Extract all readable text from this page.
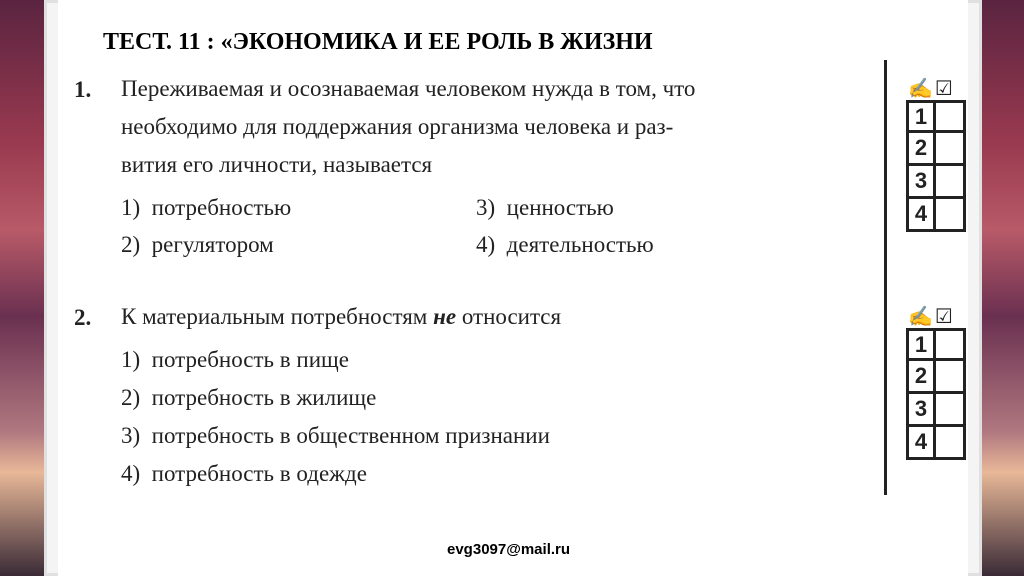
ТЕСТ. 11 : «ЭКОНОМИКА И ЕЕ РОЛЬ В ЖИЗНИ
1. Переживаемая и осознаваемая человеком нужда в том, что
необходимо для поддержания организма человека и раз-
вития его личности, называется
1) потребностью
2) регулятором
3) ценностью
4) деятельностью
2. К материальным потребностям не относится
1) потребность в пище
2) потребность в жилище
3) потребность в общественном признании
4) потребность в одежде
✍ ☑
1
2
3
4
✍ ☑
1
2
3
4
evg3097@mail.ru
